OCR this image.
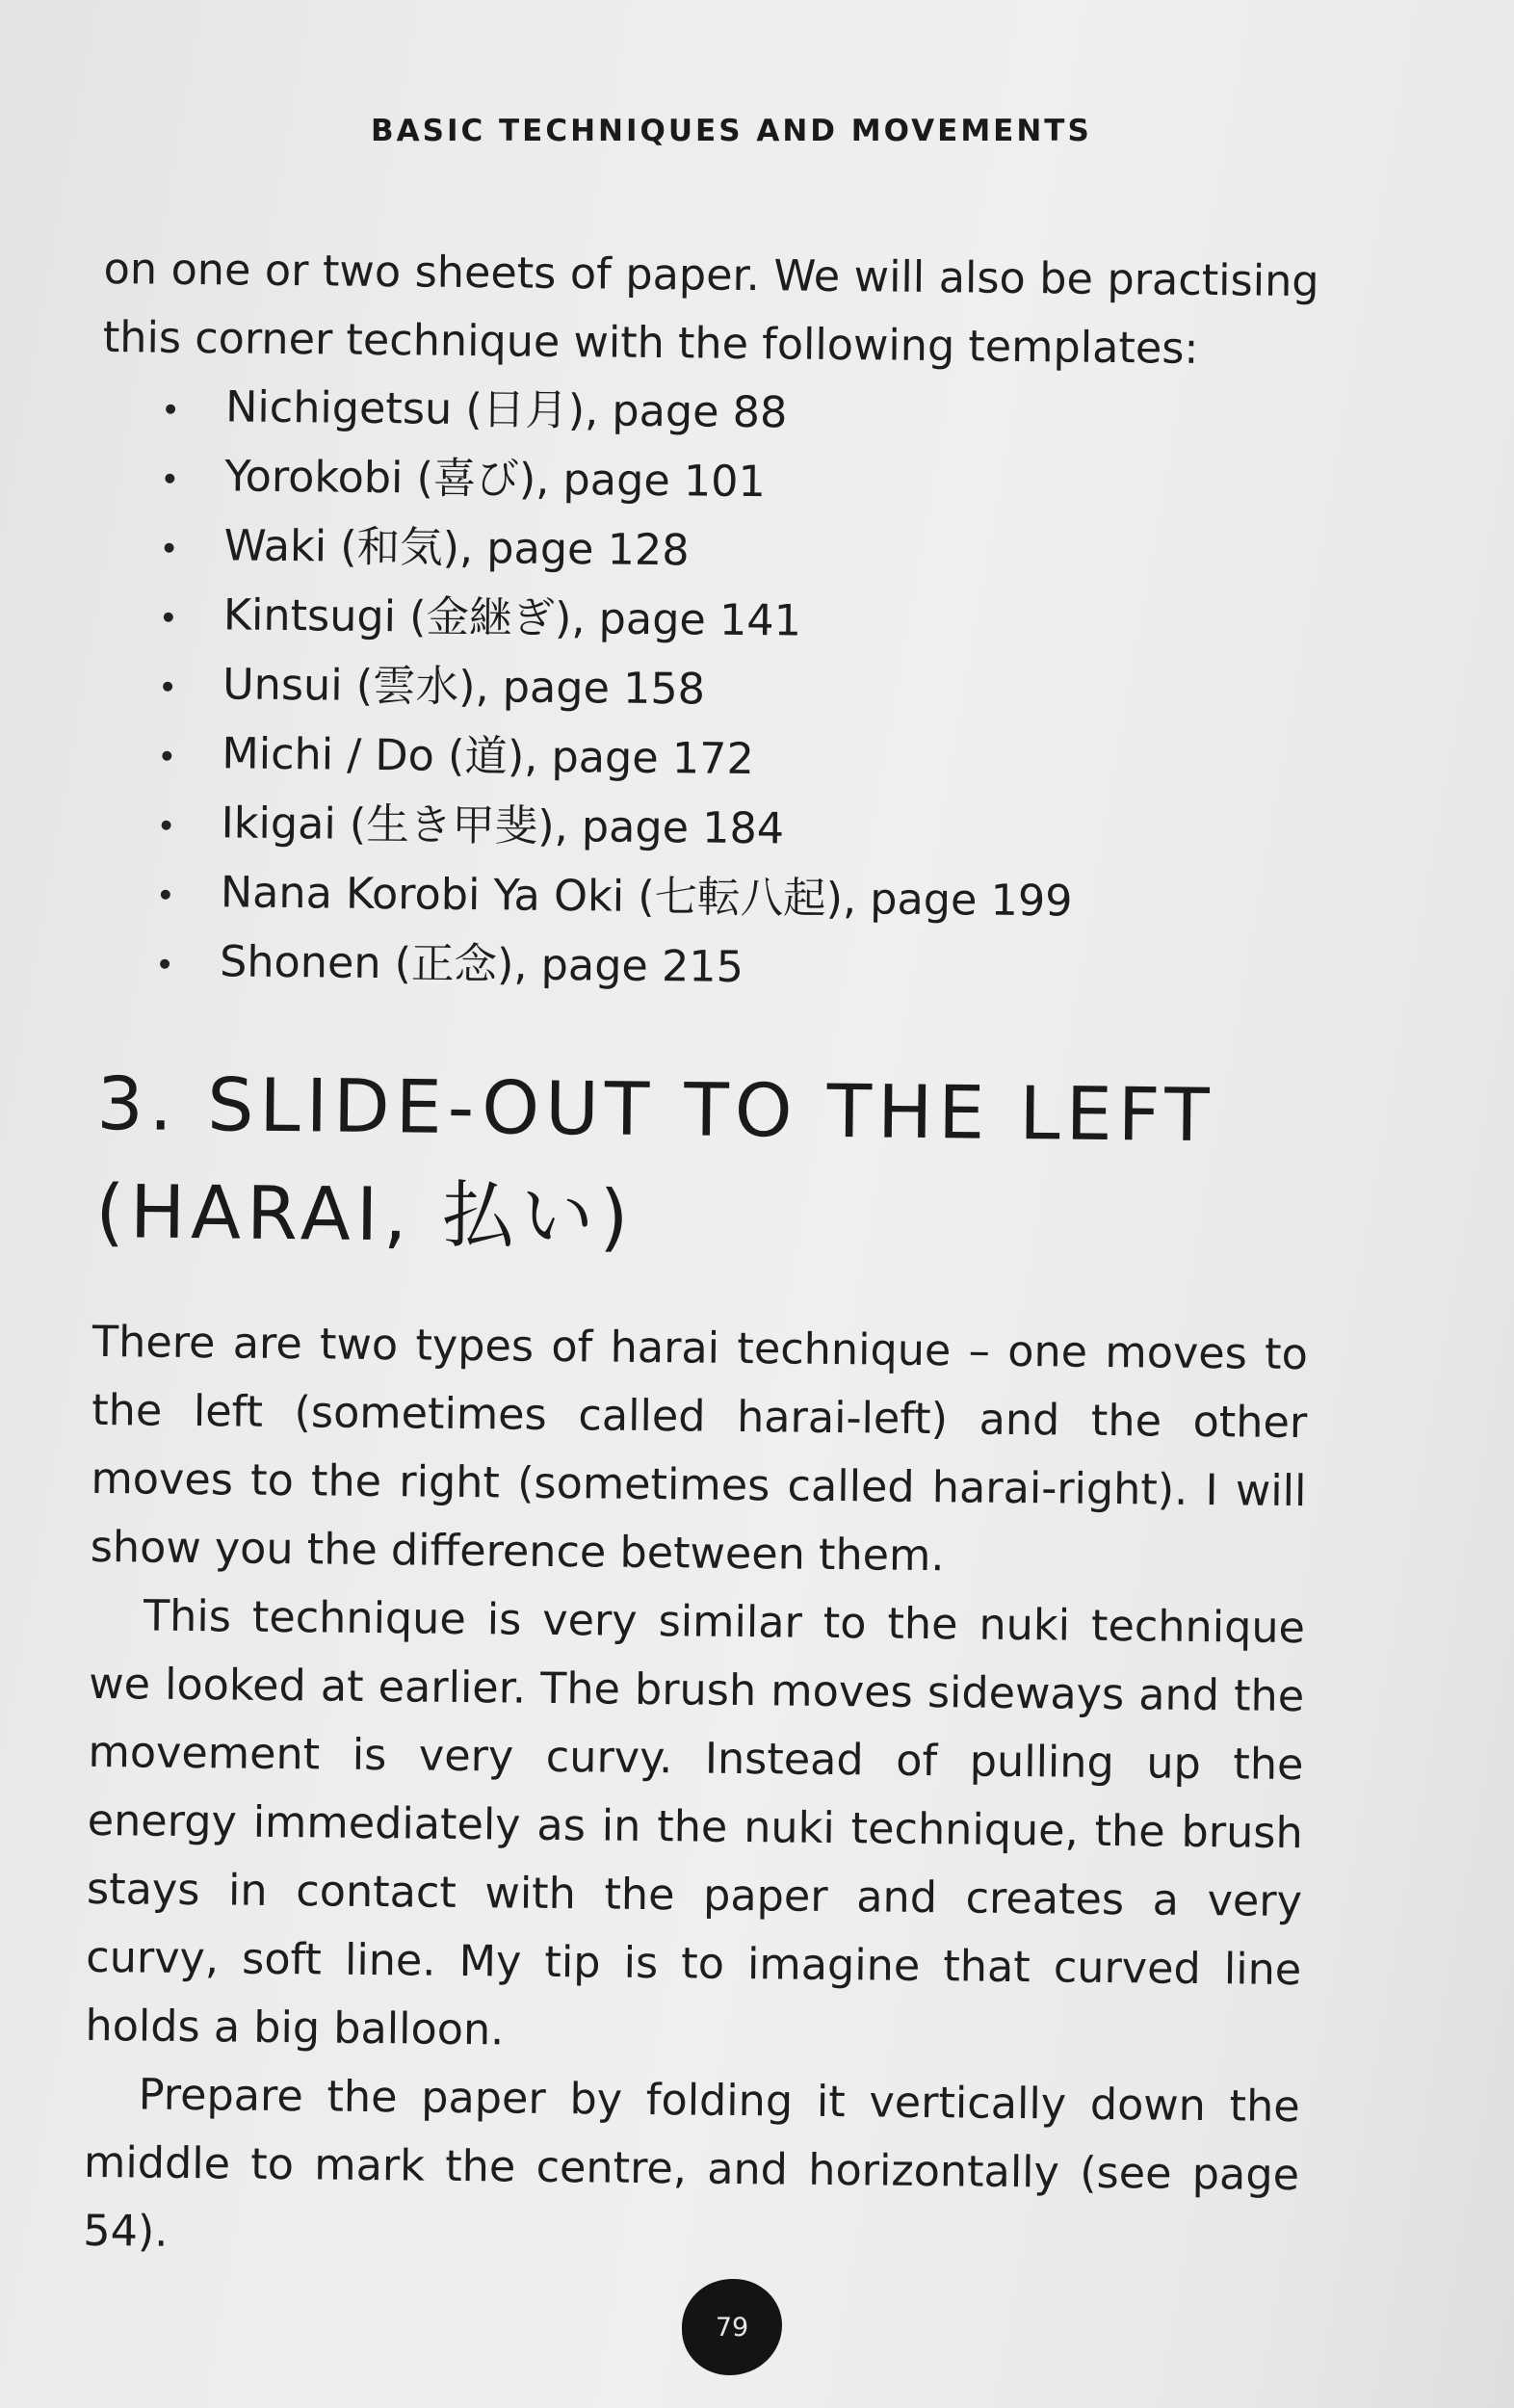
BASIC TECHNIQUES AND MOVEMENTS

on one or two sheets of paper. We will also be practising this corner technique with the following templates:

Nichigetsu (日月), page 88
Yorokobi (喜び), page 101
Waki (和気), page 128
Kintsugi (金継ぎ), page 141
Unsui (雲水), page 158
Michi / Do (道), page 172
Ikigai (生き甲斐), page 184
Nana Korobi Ya Oki (七転八起), page 199
Shonen (正念), page 215
3. SLIDE-OUT TO THE LEFT
(HARAI, 払い)

There are two types of harai technique – one moves to the left (sometimes called harai-left) and the other moves to the right (sometimes called harai-right). I will show you the difference between them.

This technique is very similar to the nuki technique we looked at earlier. The brush moves sideways and the movement is very curvy. Instead of pulling up the energy immediately as in the nuki technique, the brush stays in contact with the paper and creates a very curvy, soft line. My tip is to imagine that curved line holds a big balloon.

Prepare the paper by folding it vertically down the middle to mark the centre, and horizontally (see page 54).

79
